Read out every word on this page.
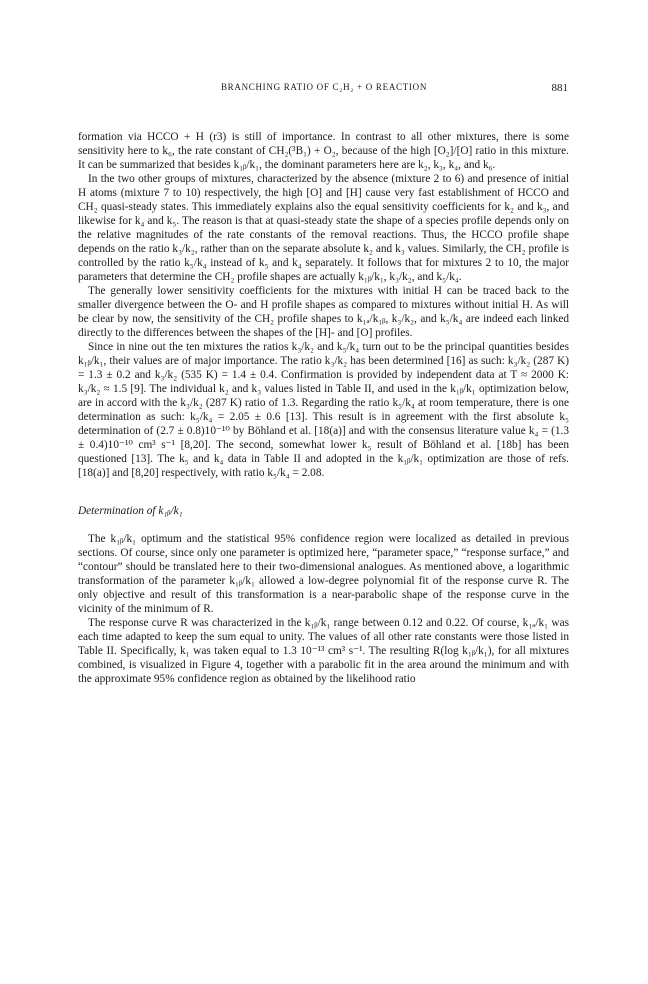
BRANCHING RATIO OF C₂H₂ + O REACTION	881

formation via HCCO + H (r3) is still of importance. In contrast to all other mixtures, there is some sensitivity here to k₆, the rate constant of CH₂(³B₁) + O₂, because of the high [O₂]/[O] ratio in this mixture. It can be summarized that besides k₁ᵦ/k₁, the dominant parameters here are k₂, k₃, k₄, and k₆.

In the two other groups of mixtures, characterized by the absence (mixture 2 to 6) and presence of initial H atoms (mixture 7 to 10) respectively, the high [O] and [H] cause very fast establishment of HCCO and CH₂ quasi-steady states. This immediately explains also the equal sensitivity coefficients for k₂ and k₃, and likewise for k₄ and k₅. The reason is that at quasi-steady state the shape of a species profile depends only on the relative magnitudes of the rate constants of the removal reactions. Thus, the HCCO profile shape depends on the ratio k₃/k₂, rather than on the separate absolute k₂ and k₃ values. Similarly, the CH₂ profile is controlled by the ratio k₅/k₄ instead of k₅ and k₄ separately. It follows that for mixtures 2 to 10, the major parameters that determine the CH₂ profile shapes are actually k₁ᵦ/k₁, k₃/k₂, and k₅/k₄.

The generally lower sensitivity coefficients for the mixtures with initial H can be traced back to the smaller divergence between the O- and H profile shapes as compared to mixtures without initial H. As will be clear by now, the sensitivity of the CH₂ profile shapes to k₁ₐ/k₁ᵦ, k₃/k₂, and k₅/k₄ are indeed each linked directly to the differences between the shapes of the [H]- and [O] profiles.

Since in nine out the ten mixtures the ratios k₃/k₂ and k₅/k₄ turn out to be the principal quantities besides k₁ᵦ/k₁, their values are of major importance. The ratio k₃/k₂ has been determined [16] as such: k₃/k₂ (287 K) = 1.3 ± 0.2 and k₃/k₂ (535 K) = 1.4 ± 0.4. Confirmation is provided by independent data at T ≈ 2000 K: k₃/k₂ ≈ 1.5 [9]. The individual k₂ and k₃ values listed in Table II, and used in the k₁ᵦ/k₁ optimization below, are in accord with the k₃/k₂ (287 K) ratio of 1.3. Regarding the ratio k₅/k₄ at room temperature, there is one determination as such: k₅/k₄ = 2.05 ± 0.6 [13]. This result is in agreement with the first absolute k₅ determination of (2.7 ± 0.8)10⁻¹⁰ by Böhland et al. [18(a)] and with the consensus literature value k₄ = (1.3 ± 0.4)10⁻¹⁰ cm³ s⁻¹ [8,20]. The second, somewhat lower k₅ result of Böhland et al. [18b] has been questioned [13]. The k₅ and k₄ data in Table II and adopted in the k₁ᵦ/k₁ optimization are those of refs. [18(a)] and [8,20] respectively, with ratio k₅/k₄ = 2.08.

Determination of k₁ᵦ/k₁

The k₁ᵦ/k₁ optimum and the statistical 95% confidence region were localized as detailed in previous sections. Of course, since only one parameter is optimized here, “parameter space,” “response surface,” and “contour” should be translated here to their two-dimensional analogues. As mentioned above, a logarithmic transformation of the parameter k₁ᵦ/k₁ allowed a low-degree polynomial fit of the response curve R. The only objective and result of this transformation is a near-parabolic shape of the response curve in the vicinity of the minimum of R.

The response curve R was characterized in the k₁ᵦ/k₁ range between 0.12 and 0.22. Of course, k₁ₐ/k₁ was each time adapted to keep the sum equal to unity. The values of all other rate constants were those listed in Table II. Specifically, k₁ was taken equal to 1.3 10⁻¹³ cm³ s⁻¹. The resulting R(log k₁ᵦ/k₁), for all mixtures combined, is visualized in Figure 4, together with a parabolic fit in the area around the minimum and with the approximate 95% confidence region as obtained by the likelihood ratio
